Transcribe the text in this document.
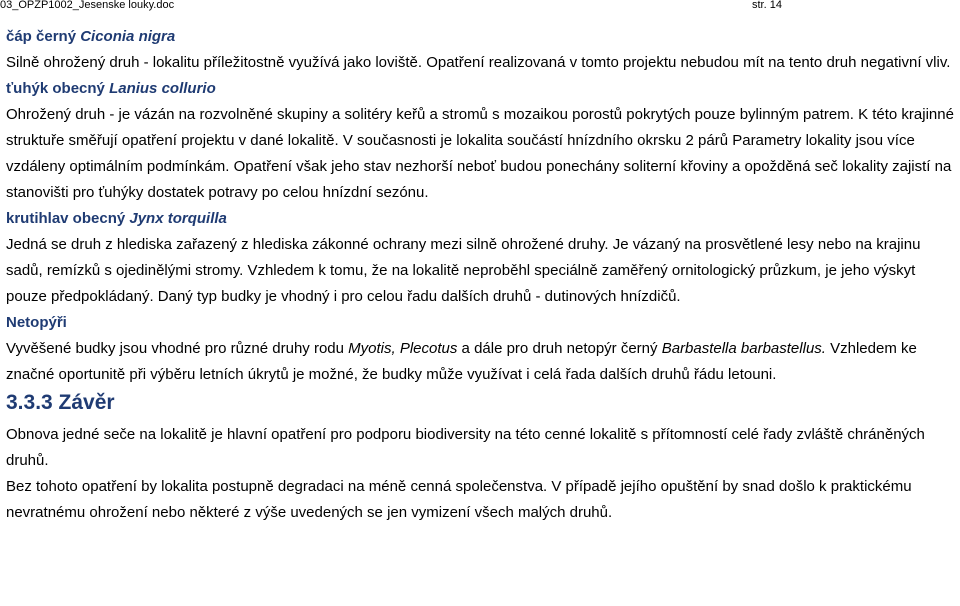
03_OPZP1002_Jesenske louky.doc	str. 14

čáp černý Ciconia nigra

Silně ohrožený druh - lokalitu příležitostně využívá jako loviště. Opatření realizovaná v tomto projektu nebudou mít na tento druh negativní vliv.

ťuhýk obecný Lanius collurio

Ohrožený druh - je vázán na rozvolněné skupiny a solitéry keřů a stromů s mozaikou porostů pokrytých pouze bylinným patrem. K této krajinné struktuře směřují opatření projektu v dané lokalitě. V současnosti je lokalita součástí hnízdního okrsku 2 párů Parametry lokality jsou více vzdáleny optimálním podmínkám. Opatření však jeho stav nezhorší neboť budou ponechány soliterní křoviny a opožděná seč lokality zajistí na stanovišti pro ťuhýky dostatek potravy po celou hnízdní sezónu.

krutihlav obecný Jynx torquilla

Jedná se druh z hlediska zařazený z hlediska zákonné ochrany mezi silně ohrožené druhy. Je vázaný na prosvětlené lesy nebo na krajinu sadů, remízků s ojedinělými stromy. Vzhledem k tomu, že na lokalitě neproběhl speciálně zaměřený ornitologický průzkum, je jeho výskyt pouze předpokládaný. Daný typ budky je vhodný i pro celou řadu dalších druhů - dutinových hnízdičů.

Netopýři

Vyvěšené budky jsou vhodné pro různé druhy rodu Myotis, Plecotus a dále pro druh netopýr černý Barbastella barbastellus. Vzhledem ke značné oportunitě při výběru letních úkrytů je možné, že budky může využívat i celá řada dalších druhů řádu letouni.

3.3.3 Závěr

Obnova jedné seče na lokalitě je hlavní opatření pro podporu biodiversity na této cenné lokalitě s přítomností celé řady zvláště chráněných druhů.

Bez tohoto opatření by lokalita postupně degradaci na méně cenná společenstva. V případě jejího opuštění by snad došlo k praktickému nevratnému ohrožení nebo některé z výše uvedených se jen vymizení všech malých druhů.
